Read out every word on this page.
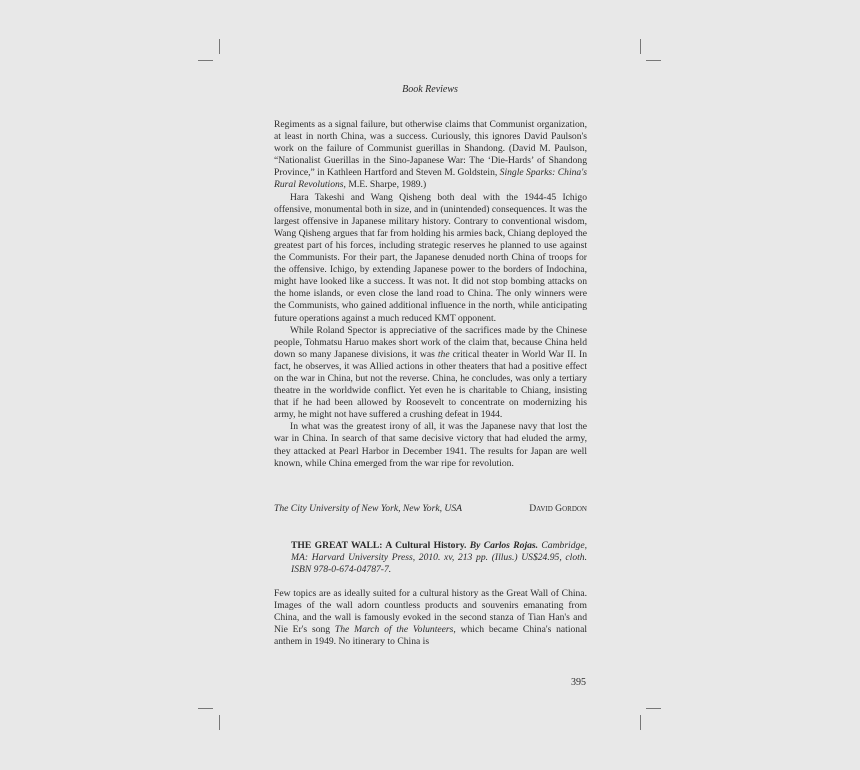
Book Reviews

Regiments as a signal failure, but otherwise claims that Communist organization, at least in north China, was a success. Curiously, this ignores David Paulson's work on the failure of Communist guerillas in Shandong. (David M. Paulson, “Nationalist Guerillas in the Sino-Japanese War: The ‘Die-Hards’ of Shandong Province,” in Kathleen Hartford and Steven M. Goldstein, Single Sparks: China's Rural Revolutions, M.E. Sharpe, 1989.)

Hara Takeshi and Wang Qisheng both deal with the 1944-45 Ichigo offensive, monumental both in size, and in (unintended) consequences. It was the largest offensive in Japanese military history. Contrary to conventional wisdom, Wang Qisheng argues that far from holding his armies back, Chiang deployed the greatest part of his forces, including strategic reserves he planned to use against the Communists. For their part, the Japanese denuded north China of troops for the offensive. Ichigo, by extending Japanese power to the borders of Indochina, might have looked like a success. It was not. It did not stop bombing attacks on the home islands, or even close the land road to China. The only winners were the Communists, who gained additional influence in the north, while anticipating future operations against a much reduced KMT opponent.

While Roland Spector is appreciative of the sacrifices made by the Chinese people, Tohmatsu Haruo makes short work of the claim that, because China held down so many Japanese divisions, it was the critical theater in World War II. In fact, he observes, it was Allied actions in other theaters that had a positive effect on the war in China, but not the reverse. China, he concludes, was only a tertiary theatre in the worldwide conflict. Yet even he is charitable to Chiang, insisting that if he had been allowed by Roosevelt to concentrate on modernizing his army, he might not have suffered a crushing defeat in 1944.

In what was the greatest irony of all, it was the Japanese navy that lost the war in China. In search of that same decisive victory that had eluded the army, they attacked at Pearl Harbor in December 1941. The results for Japan are well known, while China emerged from the war ripe for revolution.

The City University of New York, New York, USA	David Gordon
THE GREAT WALL: A Cultural History. By Carlos Rojas. Cambridge, MA: Harvard University Press, 2010. xv, 213 pp. (Illus.) US$24.95, cloth. ISBN 978-0-674-04787-7.

Few topics are as ideally suited for a cultural history as the Great Wall of China. Images of the wall adorn countless products and souvenirs emanating from China, and the wall is famously evoked in the second stanza of Tian Han's and Nie Er's song The March of the Volunteers, which became China's national anthem in 1949. No itinerary to China is

395
